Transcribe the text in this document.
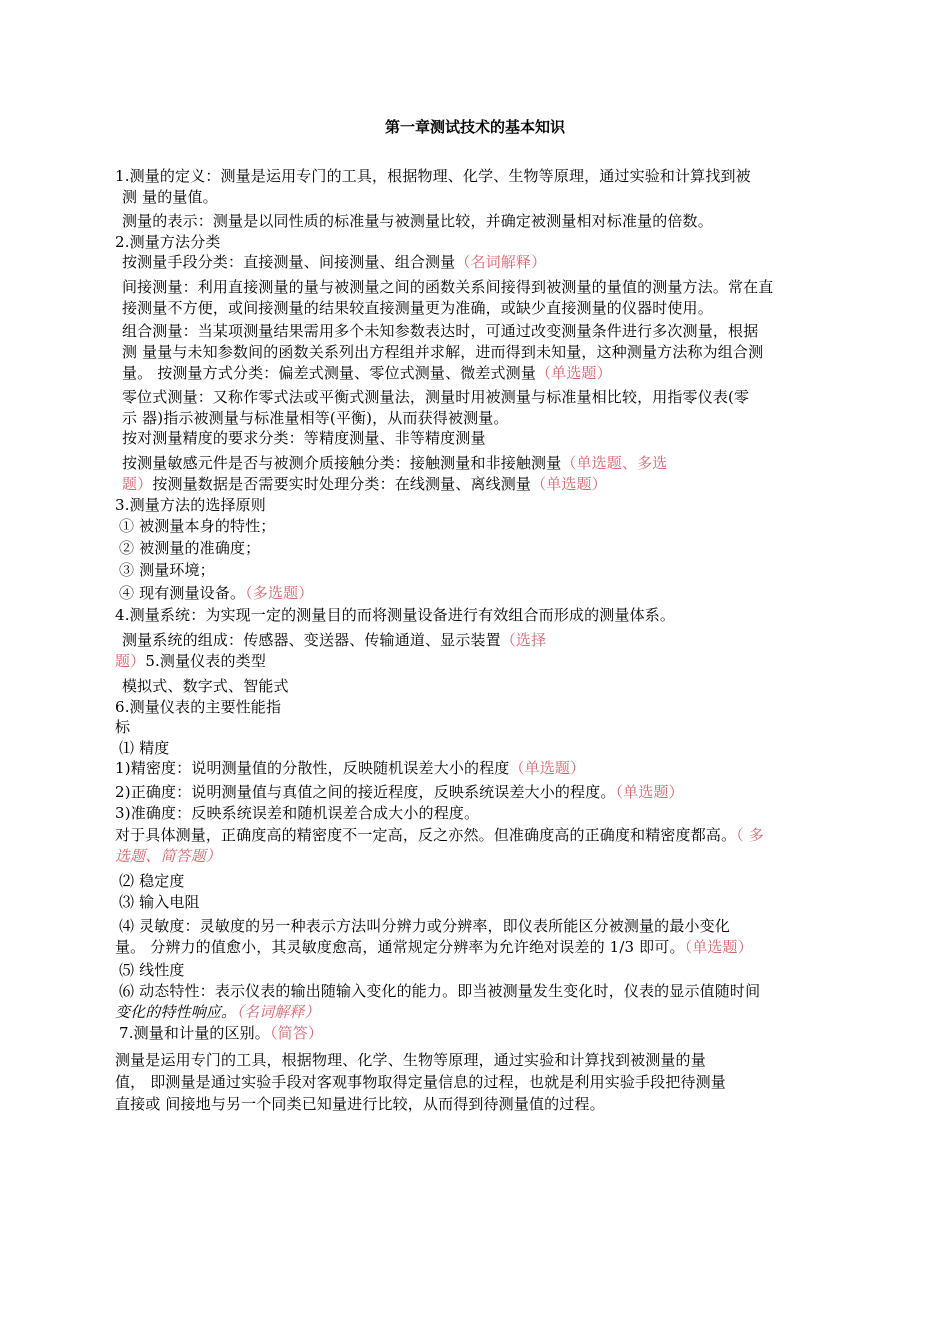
第一章测试技术的基本知识
1.测量的定义：测量是运用专门的工具，根据物理、化学、生物等原理，通过实验和计算找到被
测 量的量值。
测量的表示：测量是以同性质的标准量与被测量比较，并确定被测量相对标准量的倍数。
2.测量方法分类
按测量手段分类：直接测量、间接测量、组合测量（名词解释）
间接测量：利用直接测量的量与被测量之间的函数关系间接得到被测量的量值的测量方法。常在直
接测量不方便，或间接测量的结果较直接测量更为准确，或缺少直接测量的仪器时使用。
组合测量：当某项测量结果需用多个未知参数表达时，可通过改变测量条件进行多次测量，根据
测 量量与未知参数间的函数关系列出方程组并求解，进而得到未知量，这种测量方法称为组合测
量。 按测量方式分类：偏差式测量、零位式测量、微差式测量（单选题）
零位式测量：又称作零式法或平衡式测量法，测量时用被测量与标准量相比较，用指零仪表(零
示 器)指示被测量与标准量相等(平衡)，从而获得被测量。
按对测量精度的要求分类：等精度测量、非等精度测量
按测量敏感元件是否与被测介质接触分类：接触测量和非接触测量（单选题、多选
题）按测量数据是否需要实时处理分类：在线测量、离线测量（单选题）
3.测量方法的选择原则
① 被测量本身的特性；
② 被测量的准确度；
③ 测量环境；
④ 现有测量设备。（多选题）
4.测量系统：为实现一定的测量目的而将测量设备进行有效组合而形成的测量体系。
测量系统的组成：传感器、变送器、传输通道、显示装置（选择
题）5.测量仪表的类型
模拟式、数字式、智能式
6.测量仪表的主要性能指
标
⑴ 精度
1)精密度：说明测量值的分散性，反映随机误差大小的程度（单选题）
2)正确度：说明测量值与真值之间的接近程度，反映系统误差大小的程度。（单选题）
3)准确度：反映系统误差和随机误差合成大小的程度。
对于具体测量，正确度高的精密度不一定高，反之亦然。但准确度高的正确度和精密度都高。（ 多
选题、简答题）
⑵ 稳定度
⑶ 输入电阻
⑷ 灵敏度：灵敏度的另一种表示方法叫分辨力或分辨率，即仪表所能区分被测量的最小变化
量。 分辨力的值愈小，其灵敏度愈高，通常规定分辨率为允许绝对误差的 1/3 即可。（单选题）
⑸ 线性度
⑹ 动态特性：表示仪表的输出随输入变化的能力。即当被测量发生变化时，仪表的显示值随时间
变化的特性响应。（名词解释）
7.测量和计量的区别。（简答）
测量是运用专门的工具，根据物理、化学、生物等原理，通过实验和计算找到被测量的量
值， 即测量是通过实验手段对客观事物取得定量信息的过程，也就是利用实验手段把待测量
直接或 间接地与另一个同类已知量进行比较，从而得到待测量值的过程。
